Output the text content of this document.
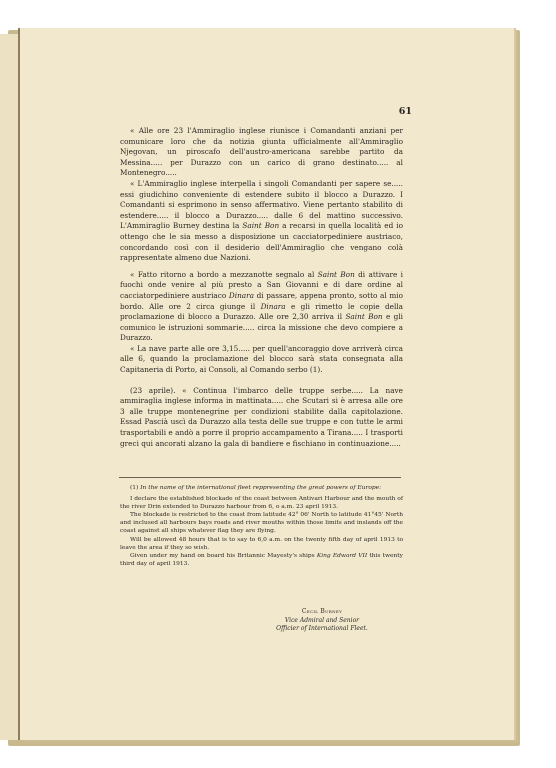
61

« Alle ore 23 l'Ammiraglio inglese riunisce i Comandanti anziani per comunicare loro che da notizia giunta ufficialmente all'Ammiraglio Njegovan, un piroscafo dell'austro-americana sarebbe partito da Messina..... per Durazzo con un carico di grano destinato..... al Montenegro.....

« L'Ammiraglio inglese interpella i singoli Comandanti per sapere se..... essi giudichino conveniente di estendere subito il blocco a Durazzo. I Comandanti si esprimono in senso affermativo. Viene pertanto stabilito di estendere..... il blocco a Durazzo..... dalle 6 del mattino successivo. L'Ammiraglio Burney destina la Saint Bon a recarsi in quella località ed io ottengo che le sia messo a disposizione un cacciatorpediniere austriaco, concordando così con il desiderio dell'Ammiraglio che vengano colà rappresentate almeno due Nazioni.

« Fatto ritorno a bordo a mezzanotte segnalo al Saint Bon di attivare i fuochi onde venire al più presto a San Giovanni e di dare ordine al cacciatorpediniere austriaco Dinara di passare, appena pronto, sotto al mio bordo. Alle ore 2 circa giunge il Dinara e gli rimetto le copie della proclamazione di blocco a Durazzo. Alle ore 2,30 arriva il Saint Bon e gli comunico le istruzioni sommarie..... circa la missione che devo compiere a Durazzo.

« La nave parte alle ore 3,15..... per quell'ancoraggio dove arriverà circa alle 6, quando la proclamazione del blocco sarà stata consegnata alla Capitaneria di Porto, ai Consoli, al Comando serbo (1).

(23 aprile). « Continua l'imbarco delle truppe serbe..... La nave ammiraglia inglese informa in mattinata..... che Scutari si è arresa alle ore 3 alle truppe montenegrine per condizioni stabilite dalla capitolazione. Essad Pascià uscì da Durazzo alla testa delle sue truppe e con tutte le armi trasportabili e andò a porre il proprio accampamento a Tirana..... I trasporti greci qui ancorati alzano la gala di bandiere e fischiano in continuazione.....

(1) In the name of the international fleet reppresenting the great powers of Europe:

I declare the established blockade of the coast between Antivari Harbour and the mouth of the river Drin extended to Durazzo harbour from 6, o a.m. 23 april 1913.

The blockade is restricted to the coast from latitude 42° 06' North to latitude 41°45' North and inclused all harbours bays roads and river mouths within those limits and inslands off the coast against all ships whatever flag they are flying.

Will be allowed 48 hours that is to say to 6,0 a.m. on the twenty fifth day of april 1913 to leave the area if they so wish.

Given under my hand on board his Britannic Mayesty's ships King Edward VII this twenty third day of april 1913.

Cecil Burney
Vice Admiral and Senior
Officier of International Fleet.
